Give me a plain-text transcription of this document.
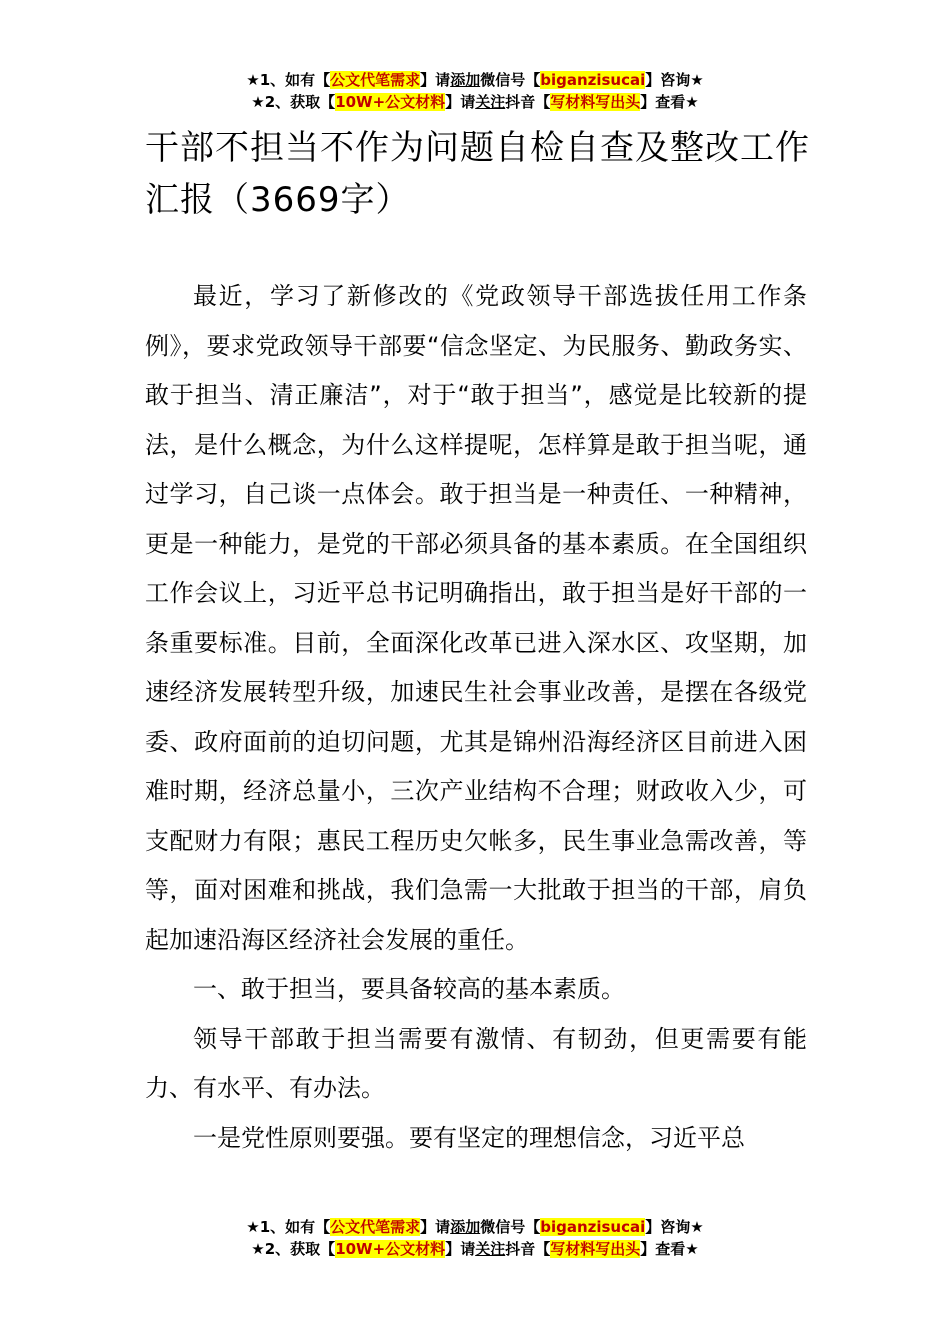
★1、如有【公文代笔需求】请添加微信号【biganzisucai】咨询★
★2、获取【10W+公文材料】请关注抖音【写材料写出头】查看★
干部不担当不作为问题自检自查及整改工作汇报（3669字）

最近，学习了新修改的《党政领导干部选拔任用工作条例》，要求党政领导干部要“信念坚定、为民服务、勤政务实、敢于担当、清正廉洁”，对于“敢于担当”，感觉是比较新的提法，是什么概念，为什么这样提呢，怎样算是敢于担当呢，通过学习，自己谈一点体会。敢于担当是一种责任、一种精神，更是一种能力，是党的干部必须具备的基本素质。在全国组织工作会议上，习近平总书记明确指出，敢于担当是好干部的一条重要标准。目前，全面深化改革已进入深水区、攻坚期，加速经济发展转型升级，加速民生社会事业改善，是摆在各级党委、政府面前的迫切问题，尤其是锦州沿海经济区目前进入困难时期，经济总量小，三次产业结构不合理；财政收入少，可支配财力有限；惠民工程历史欠帐多，民生事业急需改善，等等，面对困难和挑战，我们急需一大批敢于担当的干部，肩负起加速沿海区经济社会发展的重任。

一、敢于担当，要具备较高的基本素质。

领导干部敢于担当需要有激情、有韧劲，但更需要有能力、有水平、有办法。

一是党性原则要强。要有坚定的理想信念，习近平总

★1、如有【公文代笔需求】请添加微信号【biganzisucai】咨询★
★2、获取【10W+公文材料】请关注抖音【写材料写出头】查看★
